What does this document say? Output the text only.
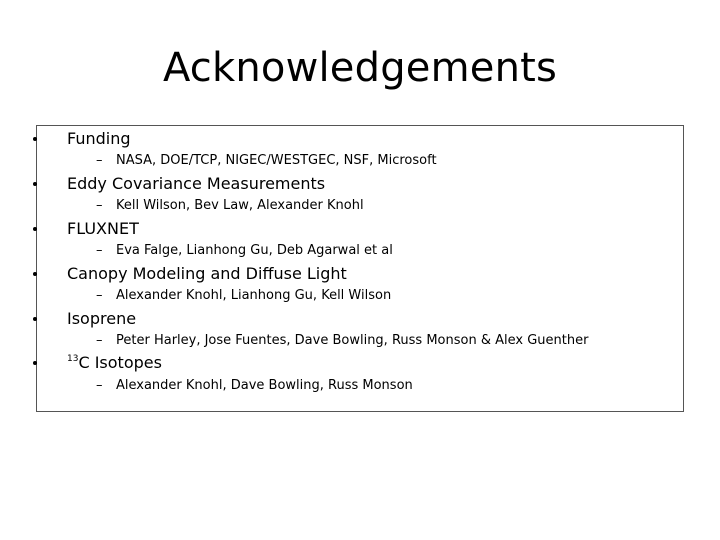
Acknowledgements
Funding
– NASA, DOE/TCP, NIGEC/WESTGEC, NSF, Microsoft
Eddy Covariance Measurements
– Kell Wilson, Bev Law, Alexander Knohl
FLUXNET
– Eva Falge, Lianhong Gu, Deb Agarwal et al
Canopy Modeling and Diffuse Light
– Alexander Knohl, Lianhong Gu, Kell Wilson
Isoprene
– Peter Harley, Jose Fuentes, Dave Bowling, Russ Monson & Alex Guenther
$^{13}$C Isotopes
– Alexander Knohl, Dave Bowling, Russ Monson
